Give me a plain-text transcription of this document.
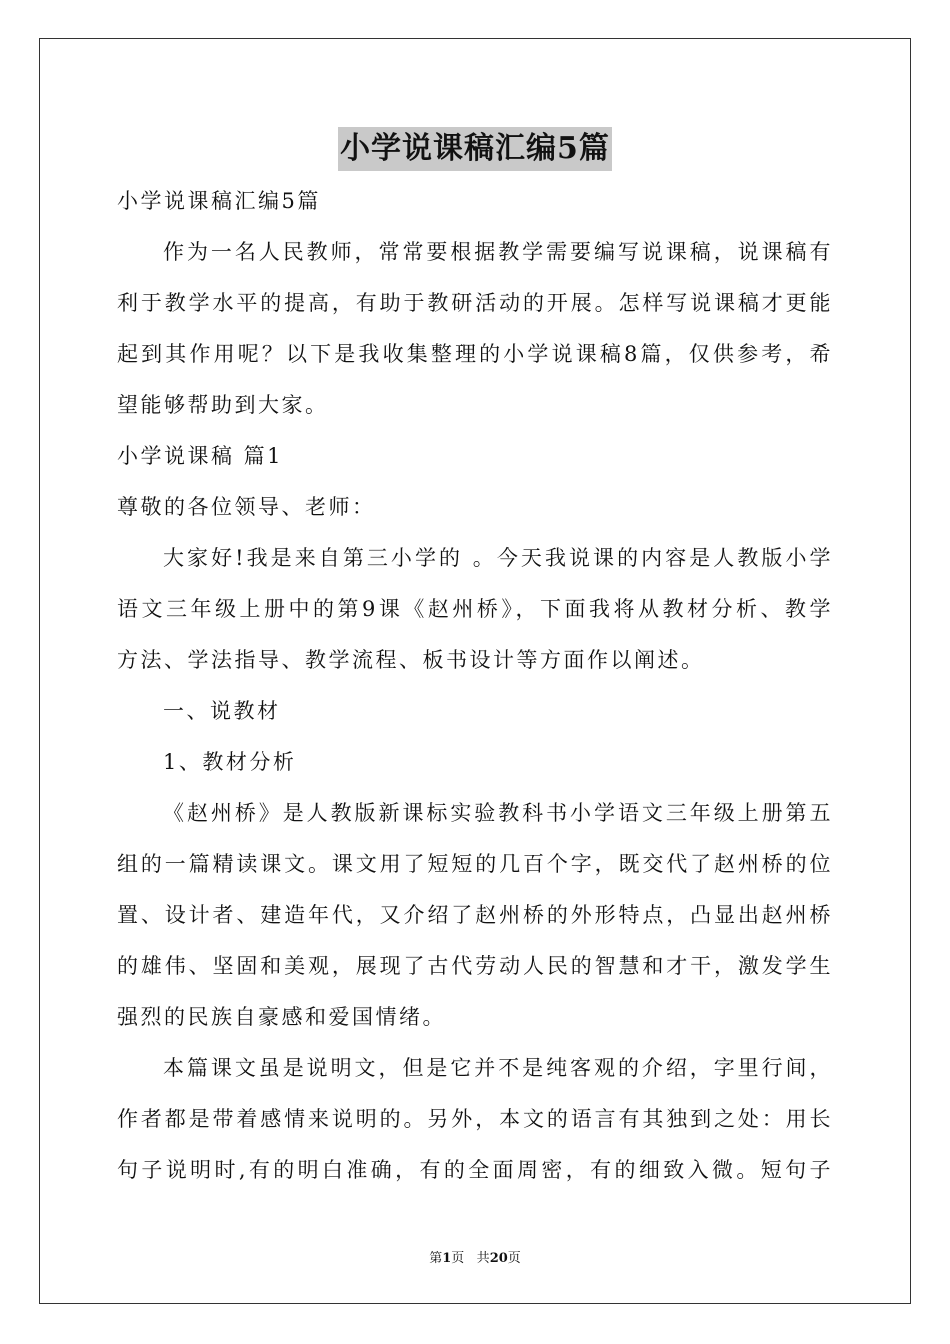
小学说课稿汇编5篇

小学说课稿汇编5篇

作为一名人民教师，常常要根据教学需要编写说课稿，说课稿有

利于教学水平的提高，有助于教研活动的开展。怎样写说课稿才更能

起到其作用呢？以下是我收集整理的小学说课稿8篇，仅供参考，希

望能够帮助到大家。

小学说课稿 篇1

尊敬的各位领导、老师：

大家好!我是来自第三小学的 。今天我说课的内容是人教版小学

语文三年级上册中的第9课《赵州桥》，下面我将从教材分析、教学

方法、学法指导、教学流程、板书设计等方面作以阐述。

一、说教材

1、教材分析

《赵州桥》是人教版新课标实验教科书小学语文三年级上册第五

组的一篇精读课文。课文用了短短的几百个字，既交代了赵州桥的位

置、设计者、建造年代，又介绍了赵州桥的外形特点，凸显出赵州桥

的雄伟、坚固和美观，展现了古代劳动人民的智慧和才干，激发学生

强烈的民族自豪感和爱国情绪。

本篇课文虽是说明文，但是它并不是纯客观的介绍，字里行间，

作者都是带着感情来说明的。另外，本文的语言有其独到之处：用长

句子说明时,有的明白准确，有的全面周密，有的细致入微。短句子

第1页 共20页
